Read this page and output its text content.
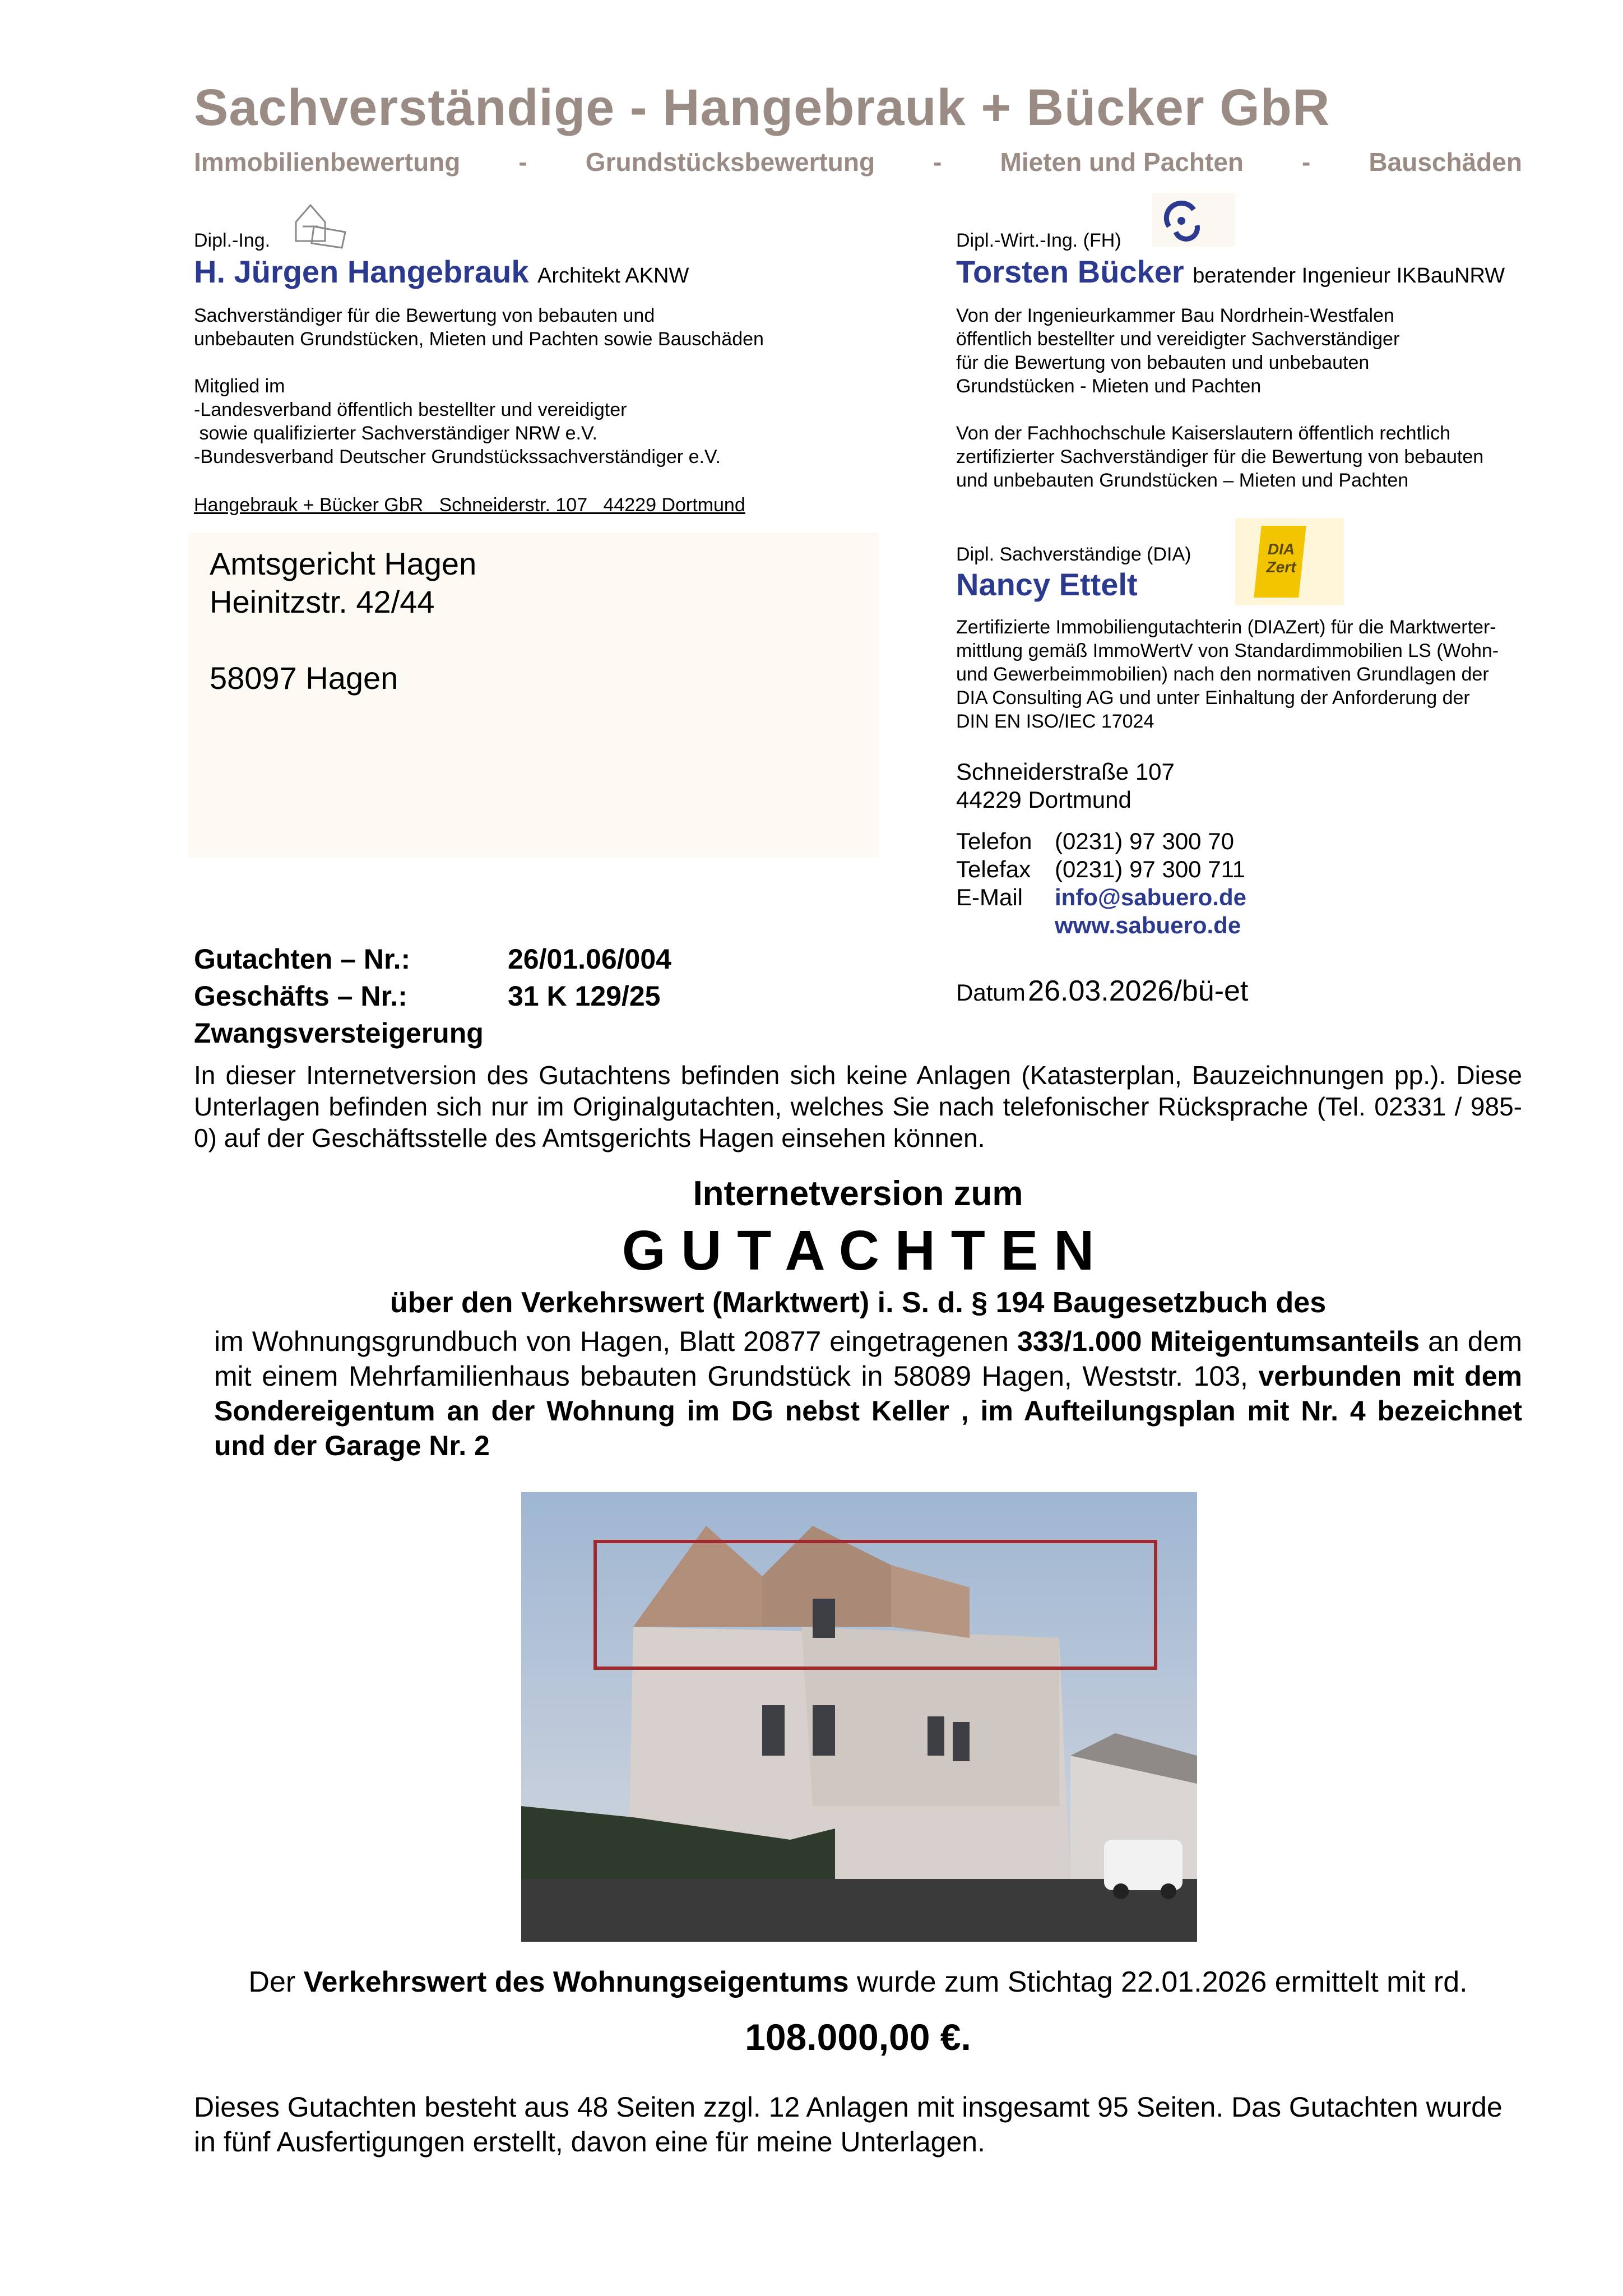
Sachverständige - Hangebrauk + Bücker GbR
Immobilienbewertung - Grundstücksbewertung - Mieten und Pachten - Bauschäden
Dipl.-Ing.
H. Jürgen Hangebrauk Architekt AKNW
Sachverständiger für die Bewertung von bebauten und
unbebauten Grundstücken, Mieten und Pachten sowie Bauschäden
Mitglied im
-Landesverband öffentlich bestellter und vereidigter
sowie qualifizierter Sachverständiger NRW e.V.
-Bundesverband Deutscher Grundstückssachverständiger e.V.
Hangebrauk + Bücker GbR   Schneiderstr. 107   44229 Dortmund
Dipl.-Wirt.-Ing. (FH)
Torsten Bücker beratender Ingenieur IKBauNRW
Von der Ingenieurkammer Bau Nordrhein-Westfalen
öffentlich bestellter und vereidigter Sachverständiger
für die Bewertung von bebauten und unbebauten
Grundstücken - Mieten und Pachten
Von der Fachhochschule Kaiserslautern öffentlich rechtlich
zertifizierter Sachverständiger für die Bewertung von bebauten
und unbebauten Grundstücken – Mieten und Pachten
Amtsgericht Hagen
Heinitzstr. 42/44
58097 Hagen
Dipl. Sachverständige (DIA)	DIA
Zert
Nancy Ettelt
Zertifizierte Immobiliengutachterin (DIAZert) für die Marktwerter-
mittlung gemäß ImmoWertV von Standardimmobilien LS (Wohn-
und Gewerbeimmobilien) nach den normativen Grundlagen der
DIA Consulting AG und unter Einhaltung der Anforderung der
DIN EN ISO/IEC 17024
Schneiderstraße 107
44229 Dortmund
Telefon (0231) 97 300 70
Telefax	(0231) 97 300 711
E-Mail	info@sabuero.de
www.sabuero.de
Gutachten – Nr.:	26/01.06/004
Geschäfts – Nr.:	31 K 129/25
Zwangsversteigerung
Datum 26.03.2026/bü-et
In dieser Internetversion des Gutachtens befinden sich keine Anlagen (Katasterplan, Bauzeichnungen pp.). Diese Unterlagen befinden sich nur im Originalgutachten, welches Sie nach telefonischer Rücksprache (Tel. 02331 / 985-0) auf der Geschäftsstelle des Amtsgerichts Hagen einsehen können.
Internetversion zum
G U T A C H T E N
über den Verkehrswert (Marktwert) i. S. d. § 194 Baugesetzbuch des
im Wohnungsgrundbuch von Hagen, Blatt 20877 eingetragenen 333/1.000 Miteigentumsanteils an dem mit einem Mehrfamilienhaus bebauten Grundstück in 58089 Hagen, Weststr. 103, verbunden mit dem Sondereigentum an der Wohnung im DG nebst Keller , im Aufteilungsplan mit Nr. 4 bezeichnet und der Garage Nr. 2
Der Verkehrswert des Wohnungseigentums wurde zum Stichtag 22.01.2026 ermittelt mit rd.
108.000,00 €.
Dieses Gutachten besteht aus 48 Seiten zzgl. 12 Anlagen mit insgesamt 95 Seiten. Das Gutachten wurde in fünf Ausfertigungen erstellt, davon eine für meine Unterlagen.
